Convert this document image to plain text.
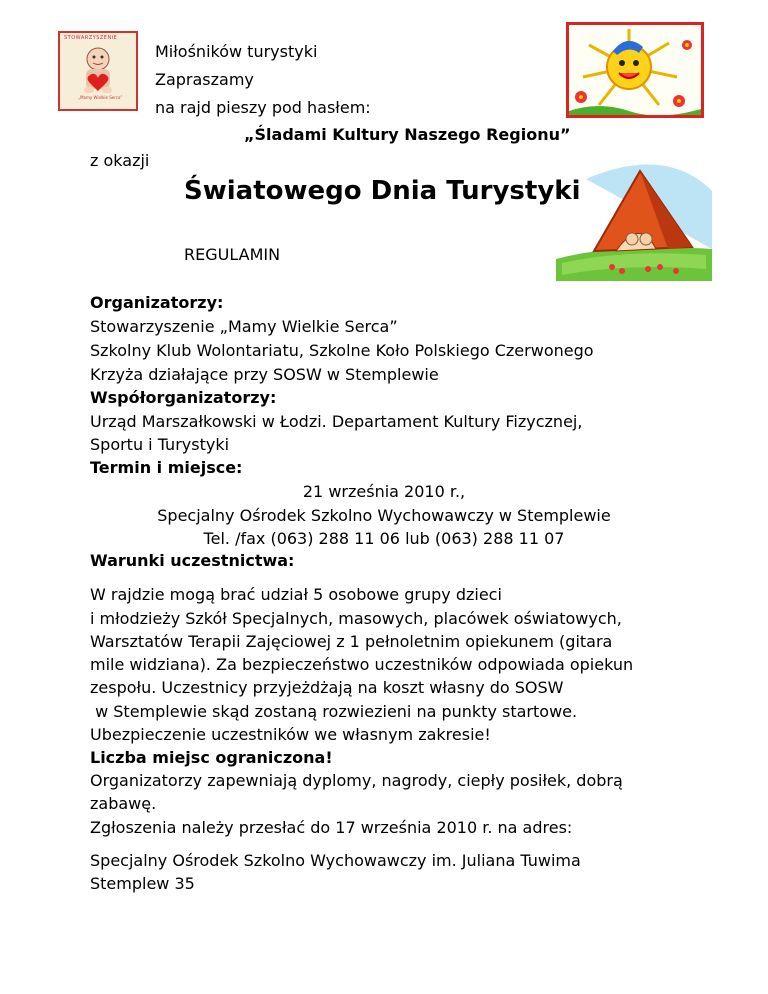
STOWARZYSZENIE
„Mamy Wielkie Serca”
Miłośników turystyki
Zapraszamy
na rajd pieszy pod hasłem:
„Śladami Kultury Naszego Regionu”
z okazji
Światowego Dnia Turystyki
REGULAMIN
Organizatorzy:
Stowarzyszenie „Mamy Wielkie Serca”
Szkolny Klub Wolontariatu, Szkolne Koło Polskiego Czerwonego
Krzyża działające przy SOSW w Stemplewie
Współorganizatorzy:
Urząd Marszałkowski w Łodzi. Departament Kultury Fizycznej,
Sportu i Turystyki
Termin i miejsce:
21 września 2010 r.,
Specjalny Ośrodek Szkolno Wychowawczy w Stemplewie
Tel. /fax (063) 288 11 06 lub (063) 288 11 07
Warunki uczestnictwa:
W rajdzie mogą brać udział 5 osobowe grupy dzieci
i młodzieży Szkół Specjalnych, masowych, placówek oświatowych,
Warsztatów Terapii Zajęciowej z 1 pełnoletnim opiekunem (gitara
mile widziana). Za bezpieczeństwo uczestników odpowiada opiekun
zespołu. Uczestnicy przyjeżdżają na koszt własny do SOSW
w Stemplewie skąd zostaną rozwiezieni na punkty startowe.
Ubezpieczenie uczestników we własnym zakresie!
Liczba miejsc ograniczona!
Organizatorzy zapewniają dyplomy, nagrody, ciepły posiłek, dobrą
zabawę.
Zgłoszenia należy przesłać do 17 września 2010 r. na adres:
Specjalny Ośrodek Szkolno Wychowawczy im. Juliana Tuwima
Stemplew 35
